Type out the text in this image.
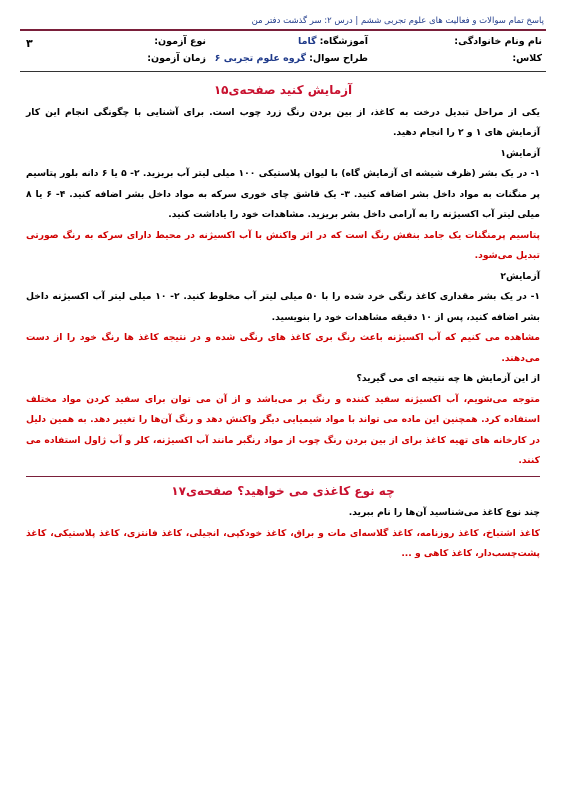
پاسخ تمام سوالات و فعالیت های علوم تجربی ششم | درس ۲: سر گذشت دفتر من
نام ونام خانوادگی:
آموزشگاه: گاما
نوع آزمون:
۳
کلاس:
طراح سوال: گروه علوم تجربی ۶
زمان آزمون:
آزمایش کنید صفحه‌ی۱۵

یکی از مراحل تبدیل درخت به کاغذ، از بین بردن رنگ زرد چوب است. برای آشنایی با چگونگی انجام این کار آزمایش های ۱ و ۲ را انجام دهید.

آزمایش۱

۱- در یک بشر (ظرف شیشه ای آزمایش گاه) با لیوان پلاستیکی ۱۰۰ میلی لیتر آب بریزید. ۲- ۵ یا ۶ دانه بلور پتاسیم پر منگنات به مواد داخل بشر اضافه کنید. ۳- یک قاشق چای خوری سرکه به مواد داخل بشر اضافه کنید. ۴- ۶ یا ۸ میلی لیتر آب اکسیژنه را به آرامی داخل بشر بریزید. مشاهدات خود را یاداشت کنید.

پتاسیم پرمنگنات یک جامد بنفش رنگ است که در اثر واکنش با آب اکسیژنه در محیط دارای سرکه به رنگ صورتی تبدیل می‌شود.

آزمایش۲

۱- در یک بشر مقداری کاغذ رنگی خرد شده را با ۵۰ میلی لیتر آب مخلوط کنید. ۲- ۱۰ میلی لیتر آب اکسیژنه داخل بشر اضافه کنید، پس از ۱۰ دقیقه مشاهدات خود را بنویسید.

مشاهده می کنیم که آب اکسیژنه باعث رنگ بری کاغذ های رنگی شده و در نتیجه کاغذ ها رنگ خود را از دست می‌دهند.

از این آزمایش ها چه نتیجه ای می گیرید؟

متوجه می‌شویم، آب اکسیژنه سفید کننده و رنگ بر می‌باشد و از آن می توان برای سفید کردن مواد مختلف استفاده کرد. همچنین این ماده می تواند با مواد شیمیایی دیگر واکنش دهد و رنگ آن‌ها را تغییر دهد. به همین دلیل در کارخانه های تهیه کاغذ برای از بین بردن رنگ چوب از مواد رنگبر مانند آب اکسیژنه، کلر و آب ژاول استفاده می کنند.

چه نوع کاغذی می خواهید؟ صفحه‌ی۱۷

چند نوع کاغذ می‌شناسید آن‌ها را نام ببرید.

کاغذ اشتباخ، کاغذ روزنامه، کاغذ گلاسه‌ای مات و براق، کاغذ خودکپی، انجیلی، کاغذ فانتزی، کاغذ پلاستیکی، کاغذ پشت‌چسب‌دار، کاغذ کاهی و ...
